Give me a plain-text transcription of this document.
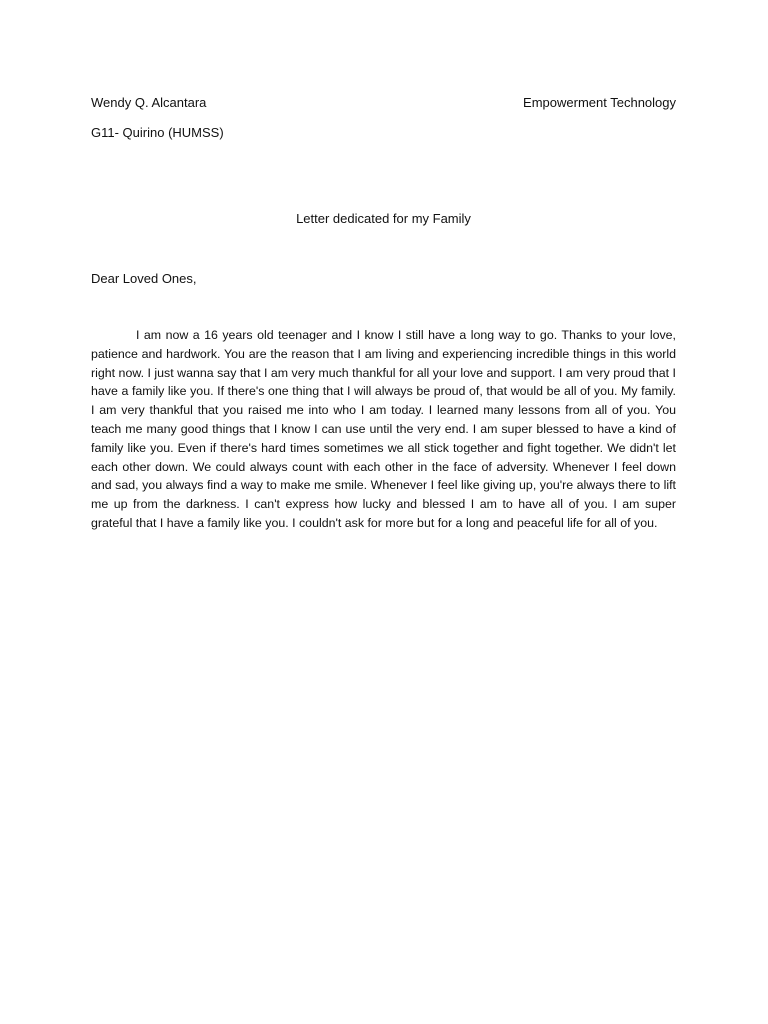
Wendy Q. Alcantara	Empowerment Technology
G11- Quirino (HUMSS)
Letter dedicated for my Family
Dear Loved Ones,

I am now a 16 years old teenager and I know I still have a long way to go. Thanks to your love, patience and hardwork. You are the reason that I am living and experiencing incredible things in this world right now. I just wanna say that I am very much thankful for all your love and support. I am very proud that I have a family like you. If there's one thing that I will always be proud of, that would be all of you. My family. I am very thankful that you raised me into who I am today. I learned many lessons from all of you. You teach me many good things that I know I can use until the very end. I am super blessed to have a kind of family like you. Even if there's hard times sometimes we all stick together and fight together. We didn't let each other down. We could always count with each other in the face of adversity. Whenever I feel down and sad, you always find a way to make me smile. Whenever I feel like giving up, you're always there to lift me up from the darkness. I can't express how lucky and blessed I am to have all of you. I am super grateful that I have a family like you. I couldn't ask for more but for a long and peaceful life for all of you.
